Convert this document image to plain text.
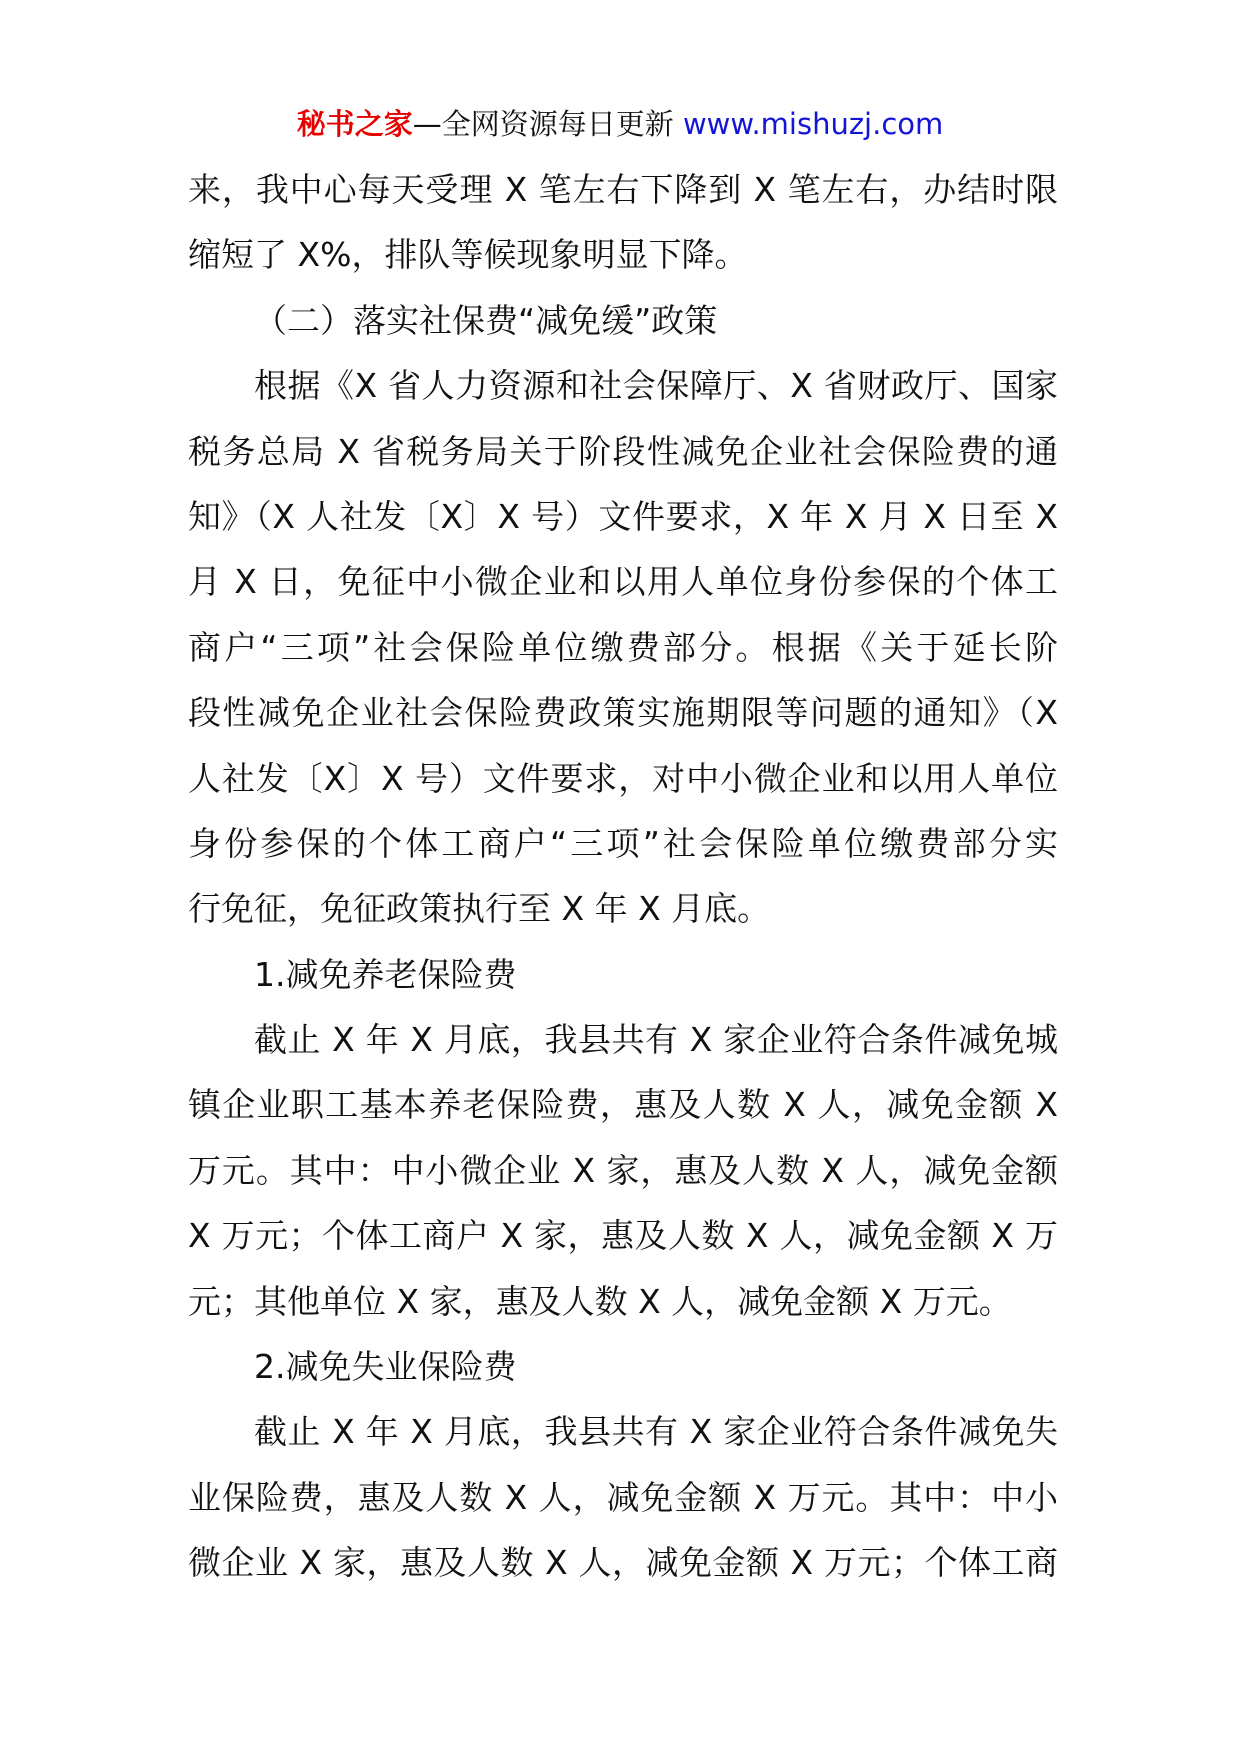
秘书之家—全网资源每日更新 www.mishuzj.com
来，我中心每天受理 X 笔左右下降到 X 笔左右，办结时限
缩短了 X%，排队等候现象明显下降。
（二）落实社保费“减免缓”政策
根据《X 省人力资源和社会保障厅、X 省财政厅、国家
税务总局 X 省税务局关于阶段性减免企业社会保险费的通
知》（X 人社发〔X〕X 号）文件要求，X 年 X 月 X 日至 X
月 X 日，免征中小微企业和以用人单位身份参保的个体工
商户“三项”社会保险单位缴费部分。根据《关于延长阶
段性减免企业社会保险费政策实施期限等问题的通知》（X
人社发〔X〕X 号）文件要求，对中小微企业和以用人单位
身份参保的个体工商户“三项”社会保险单位缴费部分实
行免征，免征政策执行至 X 年 X 月底。
1.减免养老保险费
截止 X 年 X 月底，我县共有 X 家企业符合条件减免城
镇企业职工基本养老保险费，惠及人数 X 人，减免金额 X
万元。其中：中小微企业 X 家，惠及人数 X 人，减免金额
X 万元；个体工商户 X 家，惠及人数 X 人，减免金额 X 万
元；其他单位 X 家，惠及人数 X 人，减免金额 X 万元。
2.减免失业保险费
截止 X 年 X 月底，我县共有 X 家企业符合条件减免失
业保险费，惠及人数 X 人，减免金额 X 万元。其中：中小
微企业 X 家，惠及人数 X 人，减免金额 X 万元；个体工商
